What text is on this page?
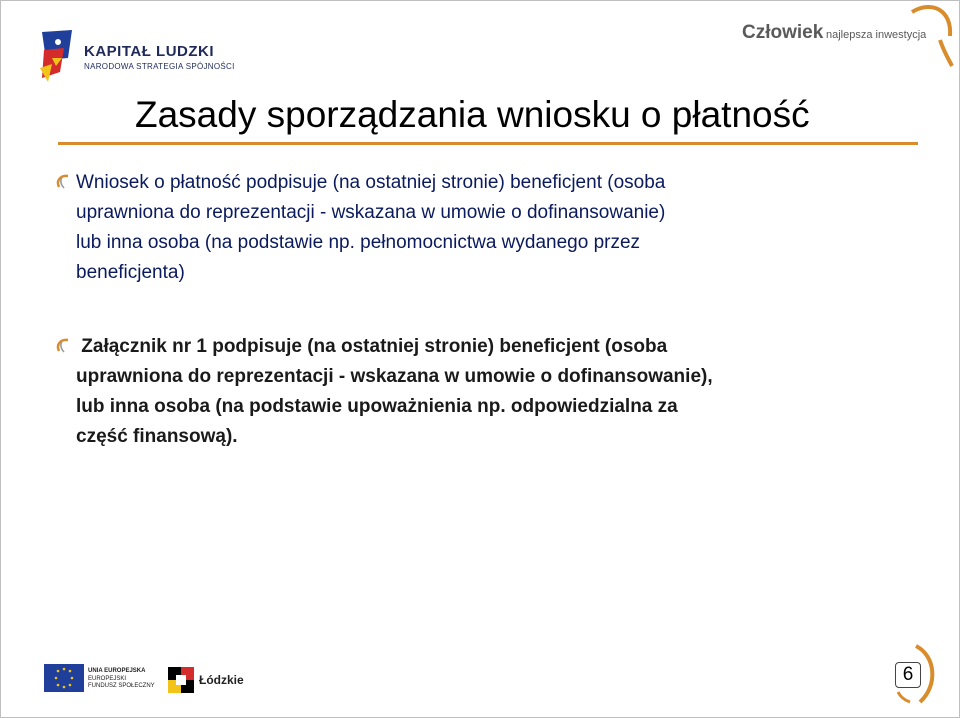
KAPITAŁ LUDZKI
NARODOWA STRATEGIA SPÓJNOŚCI
Człowiek najlepsza inwestycja
Zasady sporządzania wniosku o płatność
Wniosek o płatność podpisuje (na ostatniej stronie) beneficjent (osoba
uprawniona do reprezentacji - wskazana w umowie o dofinansowanie)
lub inna osoba (na podstawie np. pełnomocnictwa wydanego przez
beneficjenta)
Załącznik nr 1 podpisuje (na ostatniej stronie) beneficjent (osoba
uprawniona do reprezentacji - wskazana w umowie o dofinansowanie),
lub inna osoba (na podstawie upoważnienia np. odpowiedzialna za
część finansową).
UNIA EUROPEJSKA
EUROPEJSKI
FUNDUSZ SPOŁECZNY	Łódzkie	6
